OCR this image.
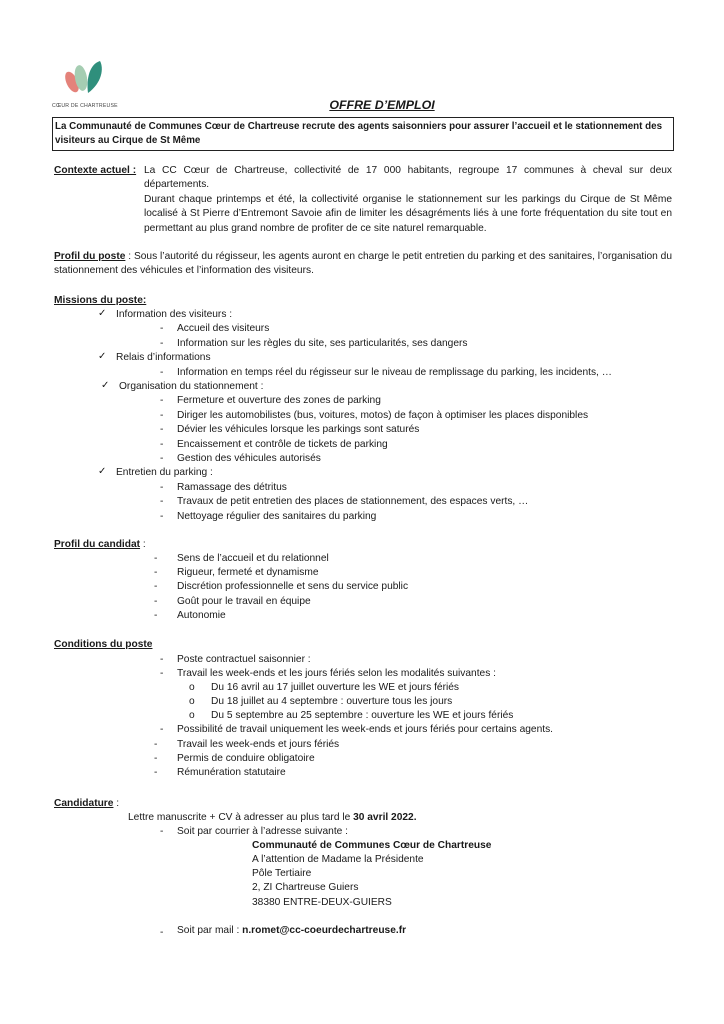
CŒUR DE CHARTREUSE	OFFRE D’EMPLOI
La Communauté de Communes Cœur de Chartreuse recrute des agents saisonniers pour assurer l’accueil et le stationnement des visiteurs au Cirque de St Même
Contexte actuel : La CC Cœur de Chartreuse, collectivité de 17 000 habitants, regroupe 17 communes à cheval sur deux
départements.
Durant chaque printemps et été, la collectivité organise le stationnement sur les parkings du Cirque de St Même localisé à St Pierre d’Entremont Savoie afin de limiter les désagréments liés à une forte fréquentation du site tout en permettant au plus grand nombre de profiter de ce site naturel remarquable.
Profil du poste : Sous l’autorité du régisseur, les agents auront en charge le petit entretien du parking et des sanitaires, l’organisation du stationnement des véhicules et l’information des visiteurs.
Missions du poste:
✓ Information des visiteurs :
-	Accueil des visiteurs
-	Information sur les règles du site, ses particularités, ses dangers
✓ Relais d’informations
-	Information en temps réel du régisseur sur le niveau de remplissage du parking, les incidents, …
✓ Organisation du stationnement :
-	Fermeture et ouverture des zones de parking
-	Diriger les automobilistes (bus, voitures, motos) de façon à optimiser les places disponibles
-	Dévier les véhicules lorsque les parkings sont saturés
-	Encaissement et contrôle de tickets de parking
-	Gestion des véhicules autorisés
✓ Entretien du parking :
-	Ramassage des détritus
-	Travaux de petit entretien des places de stationnement, des espaces verts, …
-	Nettoyage régulier des sanitaires du parking
Profil du candidat :
-	Sens de l’accueil et du relationnel
-	Rigueur, fermeté et dynamisme
-	Discrétion professionnelle et sens du service public
-	Goût pour le travail en équipe
-	Autonomie
Conditions du poste
-	Poste contractuel saisonnier :
-	Travail les week-ends et les jours fériés selon les modalités suivantes :
o Du 16 avril au 17 juillet ouverture les WE et jours fériés
o Du 18 juillet au 4 septembre : ouverture tous les jours
o Du 5 septembre au 25 septembre : ouverture les WE et jours fériés
-	Possibilité de travail uniquement les week-ends et jours fériés pour certains agents.
-	Travail les week-ends et jours fériés
-	Permis de conduire obligatoire
-	Rémunération statutaire
Candidature :
Lettre manuscrite + CV à adresser au plus tard le 30 avril 2022.
-	Soit par courrier à l’adresse suivante :
Communauté de Communes Cœur de Chartreuse
A l’attention de Madame la Présidente
Pôle Tertiaire
2, ZI Chartreuse Guiers
38380 ENTRE-DEUX-GUIERS
-	Soit par mail : n.romet@cc-coeurdechartreuse.fr
